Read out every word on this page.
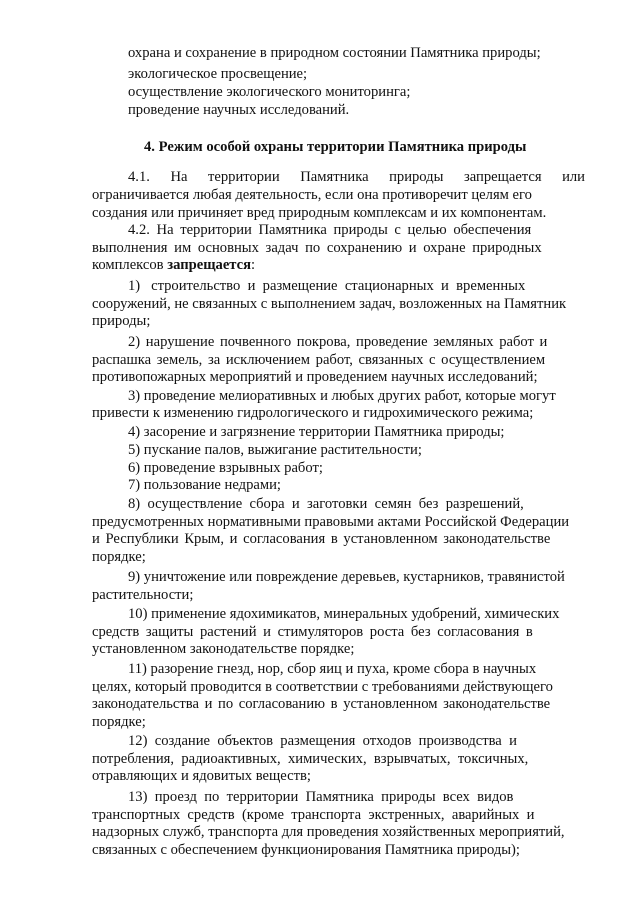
охрана и сохранение в природном состоянии Памятника природы;
экологическое просвещение;
осуществление экологического мониторинга;
проведение научных исследований.
4. Режим особой охраны территории Памятника природы
4.1. На территории Памятника природы запрещается или
ограничивается любая деятельность, если она противоречит целям его
создания или причиняет вред природным комплексам и их компонентам.
4.2. На территории Памятника природы с целью обеспечения
выполнения им основных задач по сохранению и охране природных
комплексов запрещается:
1)   строительство  и  размещение  стационарных  и  временных
сооружений, не связанных с выполнением задач, возложенных на Памятник
природы;
2) нарушение почвенного покрова, проведение земляных работ и
распашка земель, за исключением работ, связанных с осуществлением
противопожарных мероприятий и проведением научных исследований;
3) проведение мелиоративных и любых других работ, которые могут
привести к изменению гидрологического и гидрохимического режима;
4) засорение и загрязнение территории Памятника природы;
5) пускание палов, выжигание растительности;
6) проведение взрывных работ;
7) пользование недрами;
8)  осуществление  сбора  и  заготовки  семян  без  разрешений,
предусмотренных нормативными правовыми актами Российской Федерации
и Республики Крым, и согласования в установленном законодательстве
порядке;
9) уничтожение или повреждение деревьев, кустарников, травянистой
растительности;
10) применение ядохимикатов, минеральных удобрений, химических
средств защиты растений и стимуляторов роста без согласования в
установленном законодательстве порядке;
11) разорение гнезд, нор, сбор яиц и пуха, кроме сбора в научных
целях, который проводится в соответствии с требованиями действующего
законодательства и по согласованию в установленном законодательстве
порядке;
12)  создание  объектов  размещения  отходов  производства  и
потребления,  радиоактивных,  химических,  взрывчатых,  токсичных,
отравляющих и ядовитых веществ;
13)  проезд  по  территории  Памятника  природы  всех  видов
транспортных  средств  (кроме  транспорта  экстренных,  аварийных  и
надзорных служб, транспорта для проведения хозяйственных мероприятий,
связанных с обеспечением функционирования Памятника природы);
